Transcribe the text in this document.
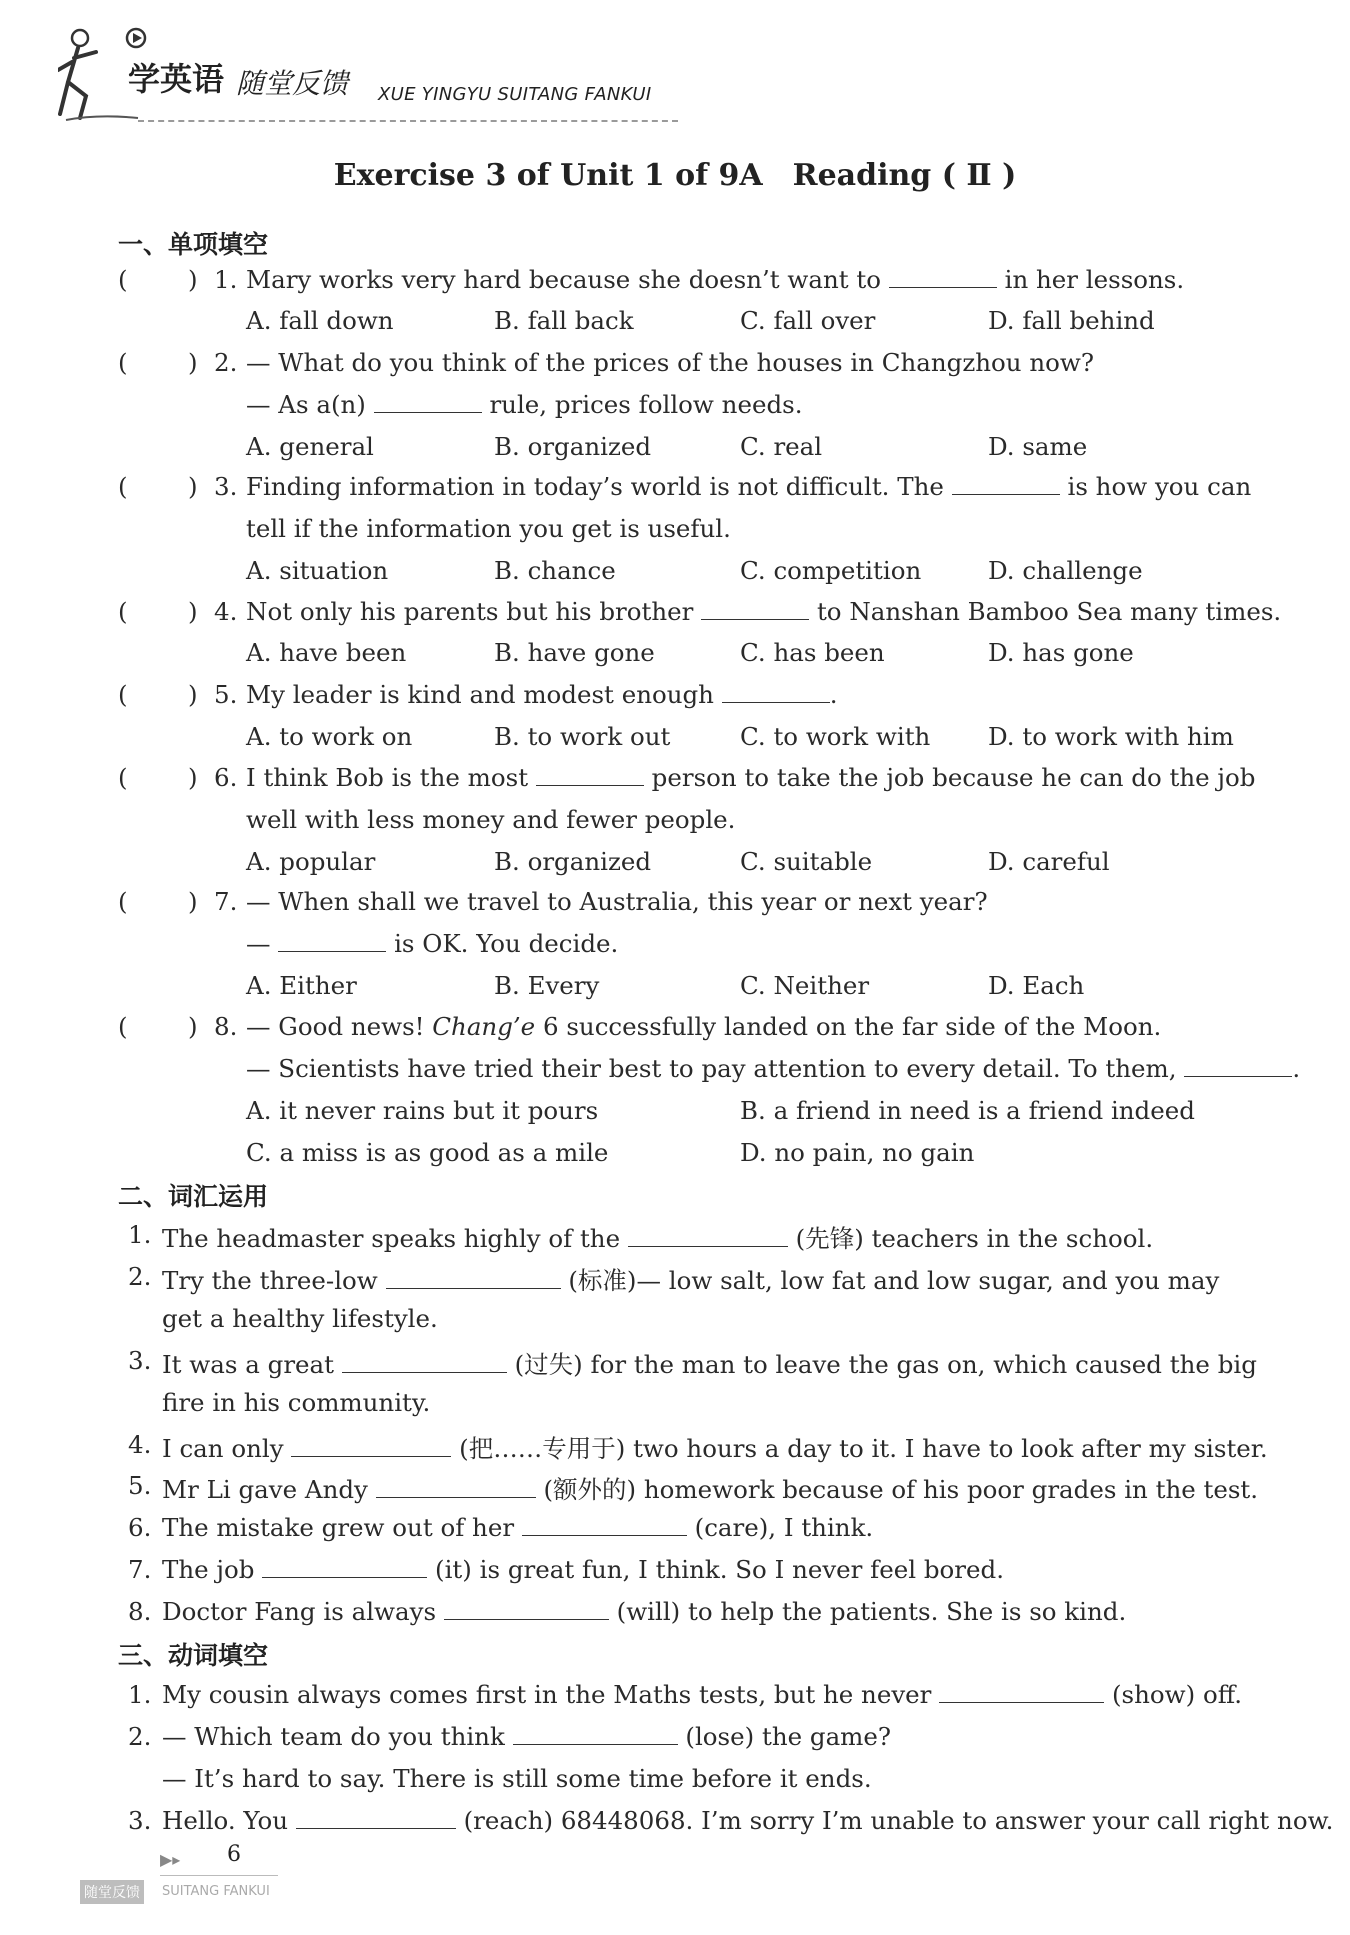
学英语 随堂反馈 XUE YINGYU SUITANG FANKUI
Exercise 3 of Unit 1 of 9A　Reading ( Ⅱ )
一、单项填空
( ) 1. Mary works very hard because she doesn’t want to	in her lessons.
A. fall down	B. fall back	C. fall over	D. fall behind
( ) 2. — What do you think of the prices of the houses in Changzhou now?
— As a(n)	rule, prices follow needs.
A. general	B. organized	C. real	D. same
( ) 3. Finding information in today’s world is not difficult. The	is how you can
tell if the information you get is useful.
A. situation	B. chance	C. competition	D. challenge
( ) 4. Not only his parents but his brother	to Nanshan Bamboo Sea many times.
A. have been	B. have gone	C. has been	D. has gone
( ) 5. My leader is kind and modest enough	.
A. to work on	B. to work out	C. to work with D. to work with him
( ) 6. I think Bob is the most	person to take the job because he can do the job
well with less money and fewer people.
A. popular	B. organized	C. suitable	D. careful
( ) 7. — When shall we travel to Australia, this year or next year?
—	is OK. You decide.
A. Either	B. Every	C. Neither	D. Each
( ) 8. — Good news! Chang’e 6 successfully landed on the far side of the Moon.
— Scientists have tried their best to pay attention to every detail. To them,	.
A. it never rains but it pours	B. a friend in need is a friend indeed
C. a miss is as good as a mile	D. no pain, no gain
二、词汇运用
1. The headmaster speaks highly of the	(先锋) teachers in the school.
2. Try the three-low	(标准)— low salt, low fat and low sugar, and you may
get a healthy lifestyle.
3. It was a great	(过失) for the man to leave the gas on, which caused the big
fire in his community.
4. I can only	(把……专用于) two hours a day to it. I have to look after my sister.
5. Mr Li gave Andy	(额外的) homework because of his poor grades in the test.
6. The mistake grew out of her	(care), I think.
7. The job	(it) is great fun, I think. So I never feel bored.
8. Doctor Fang is always	(will) to help the patients. She is so kind.
三、动词填空
1. My cousin always comes first in the Maths tests, but he never	(show) off.
2. — Which team do you think	(lose) the game?
— It’s hard to say. There is still some time before it ends.
3. Hello. You	(reach) 68448068. I’m sorry I’m unable to answer your call right now.
▶▸ 6
随堂反馈	SUITANG FANKUI
